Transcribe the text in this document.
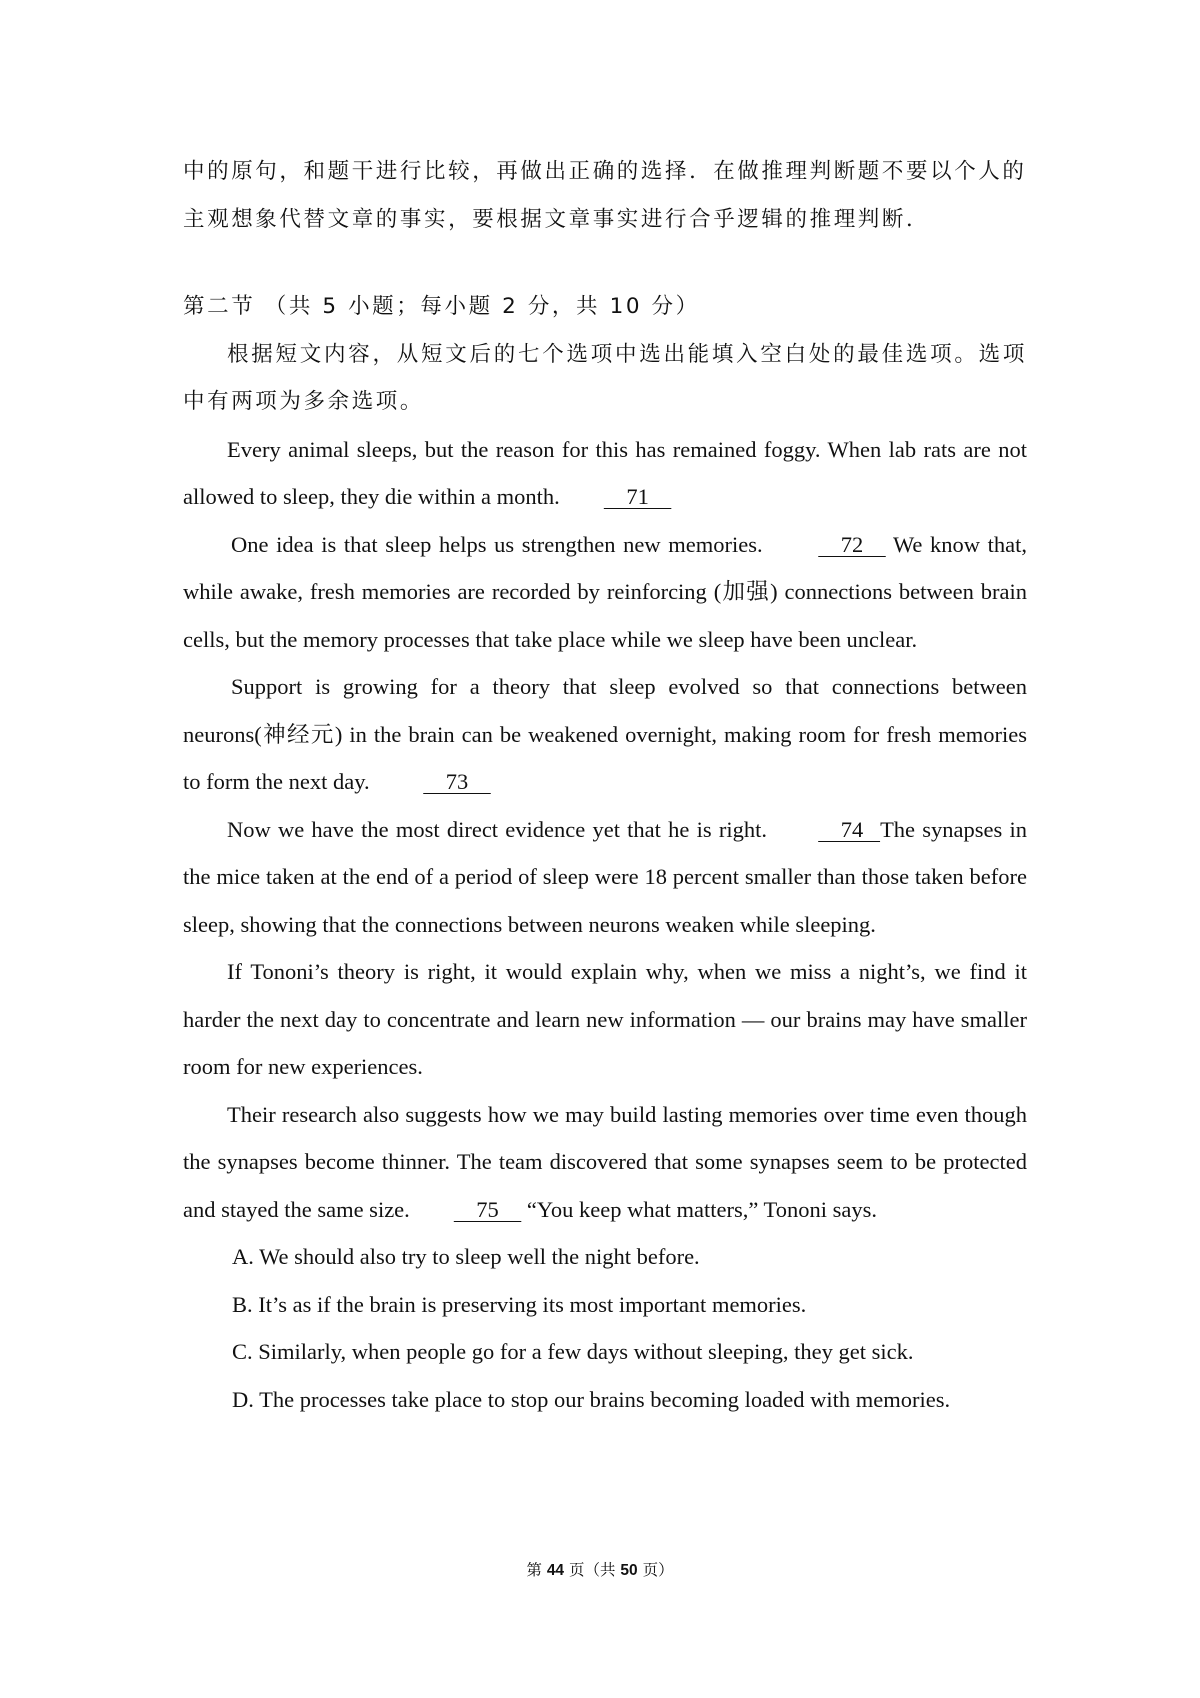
中的原句，和题干进行比较，再做出正确的选择．在做推理判断题不要以个人的

主观想象代替文章的事实，要根据文章事实进行合乎逻辑的推理判断．

第二节 （共 5 小题；每小题 2 分，共 10 分）

根据短文内容，从短文后的七个选项中选出能填入空白处的最佳选项。选项中有两项为多余选项。

Every animal sleeps, but the reason for this has remained foggy. When lab rats are not allowed to sleep, they die within a month.    71

One idea is that sleep helps us strengthen new memories.     72     We know that, while awake, fresh memories are recorded by reinforcing (加强) connections between brain cells, but the memory processes that take place while we sleep have been unclear.

Support is growing for a theory that sleep evolved so that connections between neurons(神经元) in the brain can be weakened overnight, making room for fresh memories to form the next day.     73

Now we have the most direct evidence yet that he is right.     74   The synapses in the mice taken at the end of a period of sleep were 18 percent smaller than those taken before sleep, showing that the connections between neurons weaken while sleeping.

If Tononi’s theory is right, it would explain why, when we miss a night’s, we find it harder the next day to concentrate and learn new information — our brains may have smaller room for new experiences.

Their research also suggests how we may build lasting memories over time even though the synapses become thinner. The team discovered that some synapses seem to be protected and stayed the same size.    75     “You keep what matters,” Tononi says.

A. We should also try to sleep well the night before.

B. It’s as if the brain is preserving its most important memories.

C. Similarly, when people go for a few days without sleeping, they get sick.

D. The processes take place to stop our brains becoming loaded with memories.

第 44 页（共 50 页）
